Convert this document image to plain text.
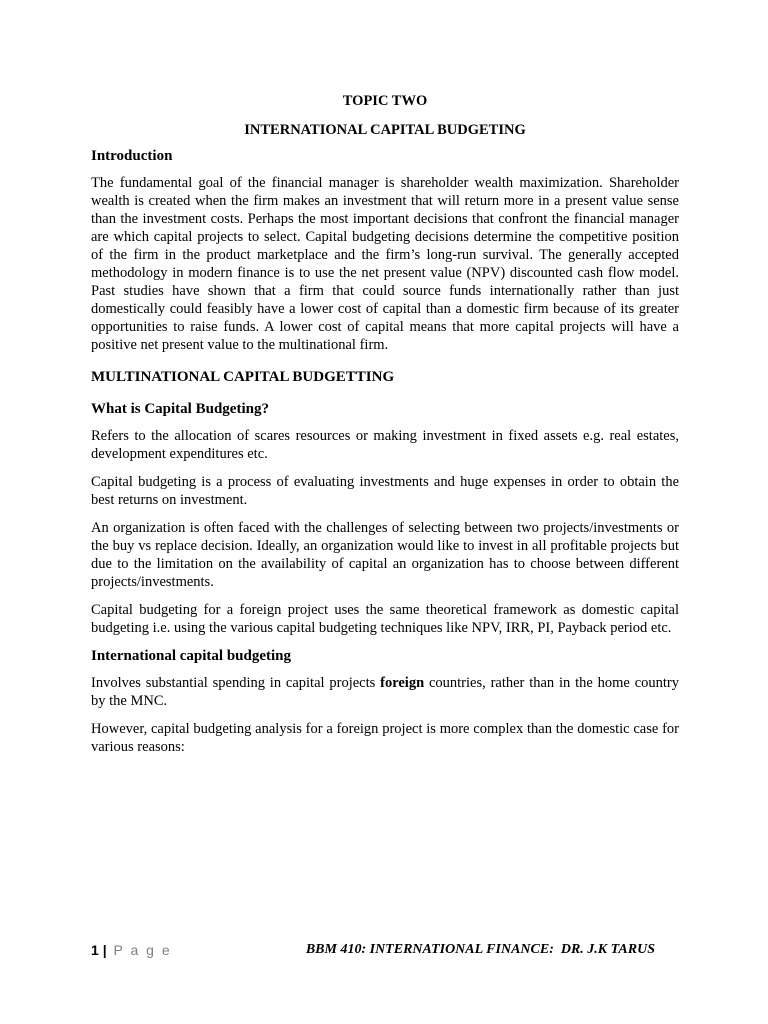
TOPIC TWO
INTERNATIONAL CAPITAL BUDGETING
Introduction

The fundamental goal of the financial manager is shareholder wealth maximization. Shareholder wealth is created when the firm makes an investment that will return more in a present value sense than the investment costs. Perhaps the most important decisions that confront the financial manager are which capital projects to select. Capital budgeting decisions determine the competitive position of the firm in the product marketplace and the firm’s long-run survival. The generally accepted methodology in modern finance is to use the net present value (NPV) discounted cash flow model. Past studies have shown that a firm that could source funds internationally rather than just domestically could feasibly have a lower cost of capital than a domestic firm because of its greater opportunities to raise funds. A lower cost of capital means that more capital projects will have a positive net present value to the multinational firm.

MULTINATIONAL CAPITAL BUDGETTING
What is Capital Budgeting?

Refers to the allocation of scares resources or making investment in fixed assets e.g. real estates, development expenditures etc.

Capital budgeting is a process of evaluating investments and huge expenses in order to obtain the best returns on investment.

An organization is often faced with the challenges of selecting between two projects/investments or the buy vs replace decision. Ideally, an organization would like to invest in all profitable projects but due to the limitation on the availability of capital an organization has to choose between different projects/investments.

Capital budgeting for a foreign project uses the same theoretical framework as domestic capital budgeting i.e. using the various capital budgeting techniques like NPV, IRR, PI, Payback period etc.

International capital budgeting

Involves substantial spending in capital projects foreign countries, rather than in the home country by the MNC.

However, capital budgeting analysis for a foreign project is more complex than the domestic case for various reasons:

1 | P a g e	BBM 410: INTERNATIONAL FINANCE:  DR. J.K TARUS
